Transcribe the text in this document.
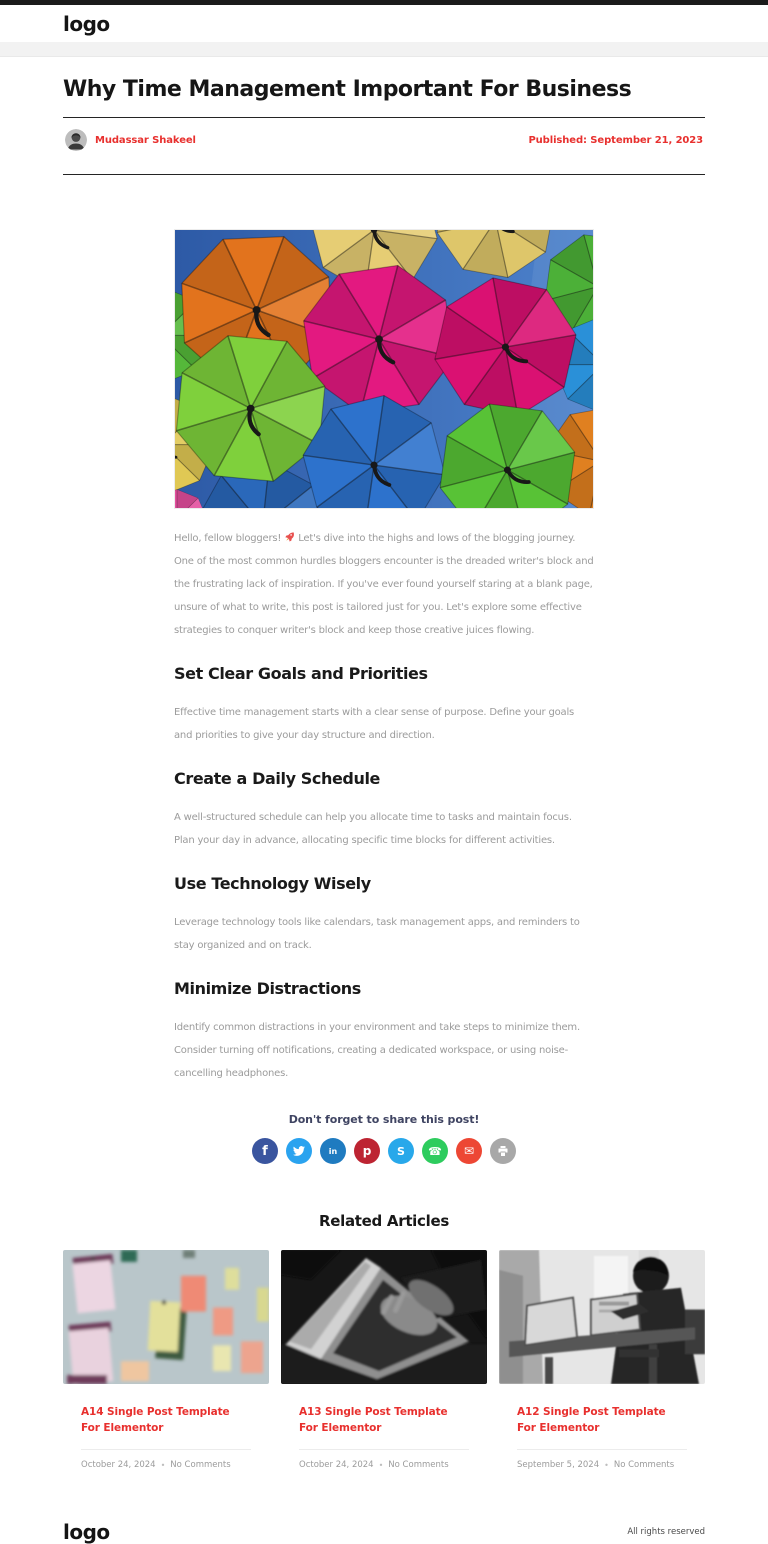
logo
Why Time Management Important For Business
Mudassar Shakeel	Published: September 21, 2023

Hello, fellow bloggers!  Let's dive into the highs and lows of the blogging journey. One of the most common hurdles bloggers encounter is the dreaded writer's block and the frustrating lack of inspiration. If you've ever found yourself staring at a blank page, unsure of what to write, this post is tailored just for you. Let's explore some effective strategies to conquer writer's block and keep those creative juices flowing.

Set Clear Goals and Priorities

Effective time management starts with a clear sense of purpose. Define your goals and priorities to give your day structure and direction.

Create a Daily Schedule

A well-structured schedule can help you allocate time to tasks and maintain focus. Plan your day in advance, allocating specific time blocks for different activities.

Use Technology Wisely

Leverage technology tools like calendars, task management apps, and reminders to stay organized and on track.

Minimize Distractions

Identify common distractions in your environment and take steps to minimize them. Consider turning off notifications, creating a dedicated workspace, or using noise-cancelling headphones.

Don't forget to share this post!
f	in p S ☎ ✉
Related Articles
A14 Single Post Template For Elementor
October 24, 2024 • No Comments
A13 Single Post Template For Elementor
October 24, 2024 • No Comments
A12 Single Post Template For Elementor
September 5, 2024 • No Comments
logo	All rights reserved
